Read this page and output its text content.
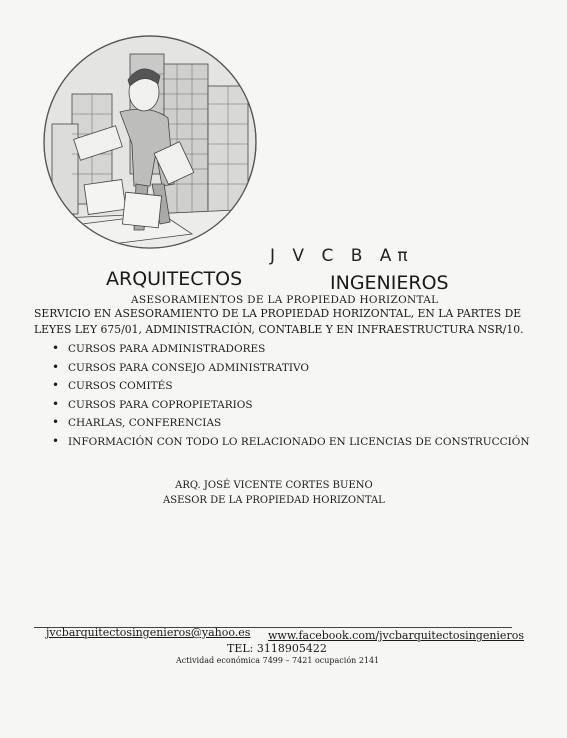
J V C B Aπ
ARQUITECTOS	INGENIEROS
ASESORAMIENTOS DE LA PROPIEDAD HORIZONTAL
SERVICIO EN ASESORAMIENTO DE LA PROPIEDAD HORIZONTAL, EN LA PARTES DE LEYES LEY 675/01, ADMINISTRACIÓN, CONTABLE Y EN INFRAESTRUCTURA NSR/10.
• CURSOS PARA ADMINISTRADORES
• CURSOS PARA CONSEJO ADMINISTRATIVO
• CURSOS COMITÉS
• CURSOS PARA COPROPIETARIOS
• CHARLAS, CONFERENCIAS
• INFORMACIÓN CON TODO LO RELACIONADO EN LICENCIAS DE CONSTRUCCIÓN
ARQ. JOSÉ VICENTE CORTES BUENO
ASESOR DE LA PROPIEDAD HORIZONTAL
jvcbarquitectosingenieros@yahoo.es www.facebook.com/jvcbarquitectosingenieros
TEL: 3118905422
Actividad económica 7499 – 7421 ocupación 2141
